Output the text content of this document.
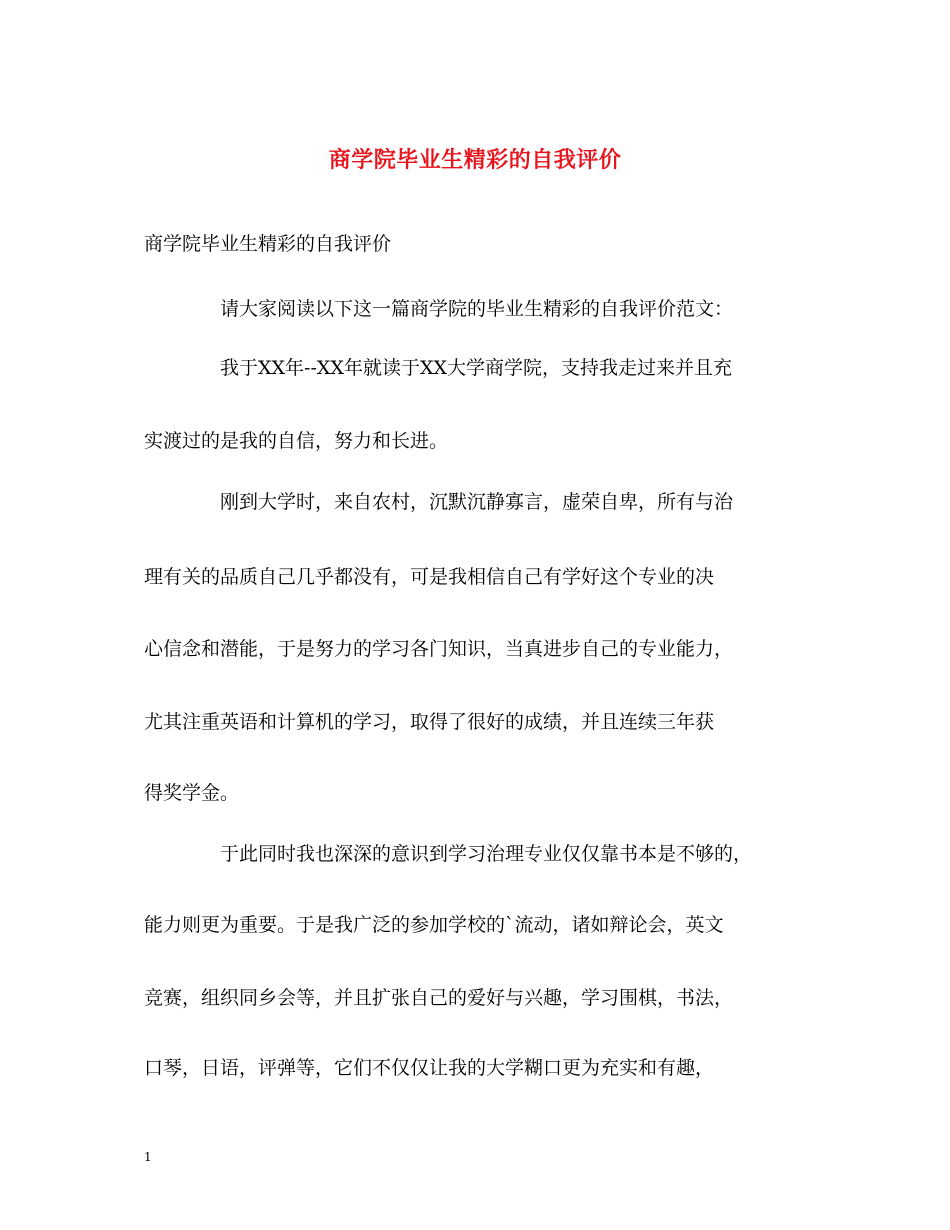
商学院毕业生精彩的自我评价
商学院毕业生精彩的自我评价
请大家阅读以下这一篇商学院的毕业生精彩的自我评价范文：
我于XX年--XX年就读于XX大学商学院，支持我走过来并且充
实渡过的是我的自信，努力和长进。
刚到大学时，来自农村，沉默沉静寡言，虚荣自卑，所有与治
理有关的品质自己几乎都没有，可是我相信自己有学好这个专业的决
心信念和潜能，于是努力的学习各门知识，当真进步自己的专业能力，
尤其注重英语和计算机的学习，取得了很好的成绩，并且连续三年获
得奖学金。
于此同时我也深深的意识到学习治理专业仅仅靠书本是不够的，
能力则更为重要。于是我广泛的参加学校的`流动，诸如辩论会，英文
竞赛，组织同乡会等，并且扩张自己的爱好与兴趣，学习围棋，书法，
口琴，日语，评弹等，它们不仅仅让我的大学糊口更为充实和有趣，
1
